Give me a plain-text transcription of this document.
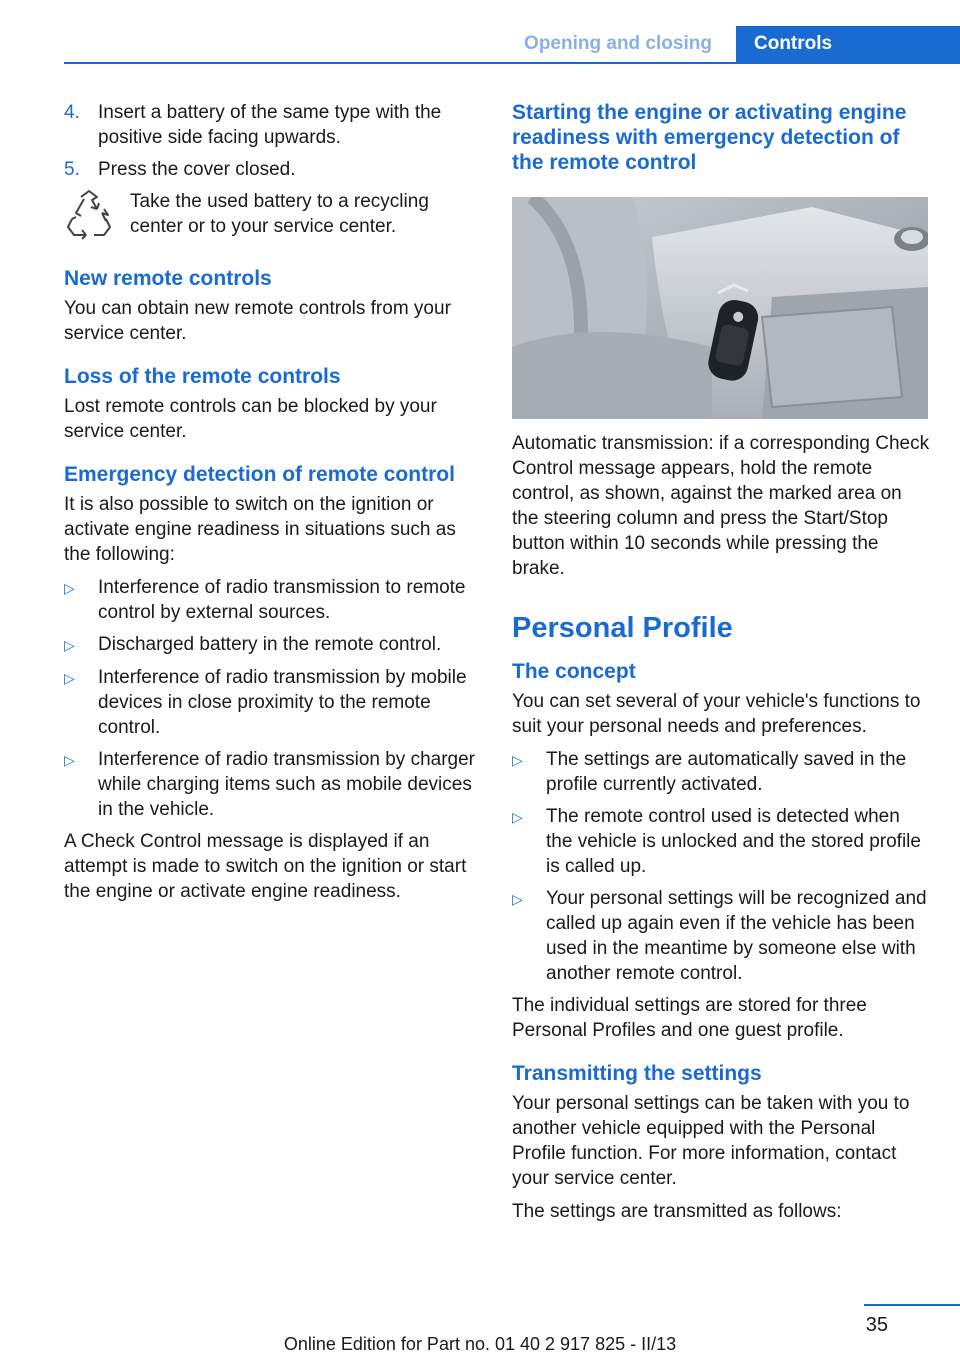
Opening and closing	Controls
4. Insert a battery of the same type with the positive side facing upwards.
5. Press the cover closed.
Take the used battery to a recycling center or to your service center.
New remote controls

You can obtain new remote controls from your service center.

Loss of the remote controls

Lost remote controls can be blocked by your service center.

Emergency detection of remote control

It is also possible to switch on the ignition or activate engine readiness in situations such as the following:

▷	Interference of radio transmission to remote control by external sources.
▷	Discharged battery in the remote control.
▷	Interference of radio transmission by mobile devices in close proximity to the remote control.
▷	Interference of radio transmission by charger while charging items such as mobile devices in the vehicle.

A Check Control message is displayed if an attempt is made to switch on the ignition or start the engine or activate engine readiness.

Starting the engine or activating engine readiness with emergency detection of the remote control

Automatic transmission: if a corresponding Check Control message appears, hold the remote control, as shown, against the marked area on the steering column and press the Start/Stop button within 10 seconds while pressing the brake.

Personal Profile
The concept

You can set several of your vehicle's functions to suit your personal needs and preferences.

▷	The settings are automatically saved in the profile currently activated.
▷	The remote control used is detected when the vehicle is unlocked and the stored profile is called up.
▷	Your personal settings will be recognized and called up again even if the vehicle has been used in the meantime by someone else with another remote control.

The individual settings are stored for three Personal Profiles and one guest profile.

Transmitting the settings

Your personal settings can be taken with you to another vehicle equipped with the Personal Profile function. For more information, contact your service center.

The settings are transmitted as follows:

35
Online Edition for Part no. 01 40 2 917 825 - II/13
